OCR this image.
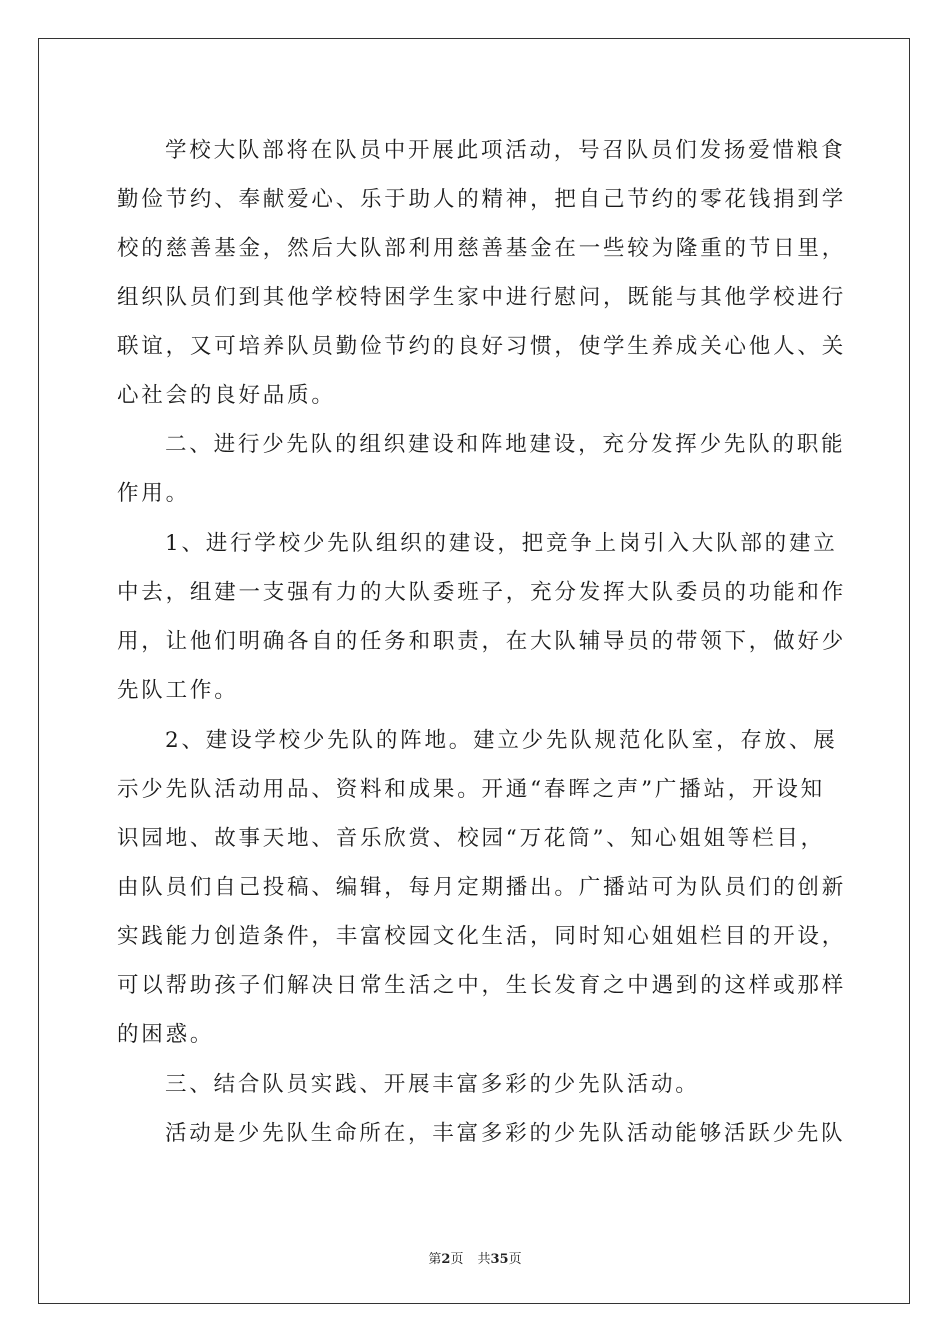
学校大队部将在队员中开展此项活动，号召队员们发扬爱惜粮食
勤俭节约、奉献爱心、乐于助人的精神，把自己节约的零花钱捐到学
校的慈善基金，然后大队部利用慈善基金在一些较为隆重的节日里，
组织队员们到其他学校特困学生家中进行慰问，既能与其他学校进行
联谊，又可培养队员勤俭节约的良好习惯，使学生养成关心他人、关
心社会的良好品质。
二、进行少先队的组织建设和阵地建设，充分发挥少先队的职能
作用。
1、进行学校少先队组织的建设，把竞争上岗引入大队部的建立
中去，组建一支强有力的大队委班子，充分发挥大队委员的功能和作
用，让他们明确各自的任务和职责，在大队辅导员的带领下，做好少
先队工作。
2、建设学校少先队的阵地。建立少先队规范化队室，存放、展
示少先队活动用品、资料和成果。开通“春晖之声”广播站，开设知
识园地、故事天地、音乐欣赏、校园“万花筒”、知心姐姐等栏目，
由队员们自己投稿、编辑，每月定期播出。广播站可为队员们的创新
实践能力创造条件，丰富校园文化生活，同时知心姐姐栏目的开设，
可以帮助孩子们解决日常生活之中，生长发育之中遇到的这样或那样
的困惑。
三、结合队员实践、开展丰富多彩的少先队活动。
活动是少先队生命所在，丰富多彩的少先队活动能够活跃少先队
第2页 共35页
